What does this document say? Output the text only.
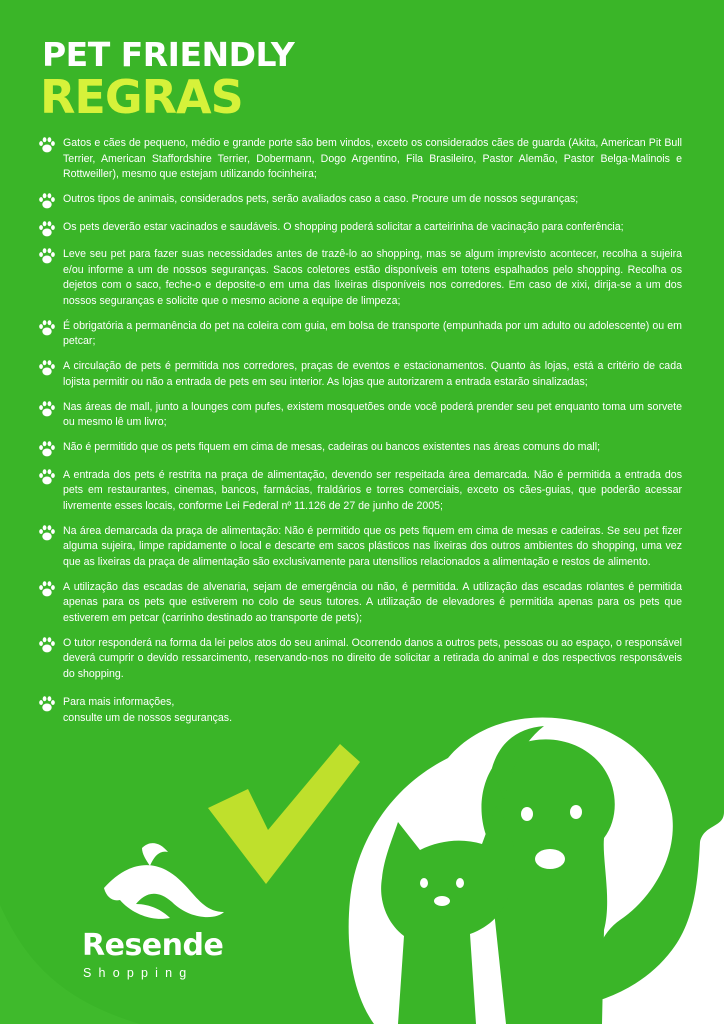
PET FRIENDLY
REGRAS
Gatos e cães de pequeno, médio e grande porte são bem vindos, exceto os considerados cães de guarda (Akita, American Pit Bull Terrier, American Staffordshire Terrier, Dobermann, Dogo Argentino, Fila Brasileiro, Pastor Alemão, Pastor Belga-Malinois e Rottweiller), mesmo que estejam utilizando focinheira;
Outros tipos de animais, considerados pets, serão avaliados caso a caso. Procure um de nossos seguranças;
Os pets deverão estar vacinados e saudáveis. O shopping poderá solicitar a carteirinha de vacinação para conferência;
Leve seu pet para fazer suas necessidades antes de trazê-lo ao shopping, mas se algum imprevisto acontecer, recolha a sujeira e/ou informe a um de nossos seguranças. Sacos coletores estão disponíveis em totens espalhados pelo shopping. Recolha os dejetos com o saco, feche-o e deposite-o em uma das lixeiras disponíveis nos corredores. Em caso de xixi, dirija-se a um dos nossos seguranças e solicite que o mesmo acione a equipe de limpeza;
É obrigatória a permanência do pet na coleira com guia, em bolsa de transporte (empunhada por um adulto ou adolescente) ou em petcar;
A circulação de pets é permitida nos corredores, praças de eventos e estacionamentos. Quanto às lojas, está a critério de cada lojista permitir ou não a entrada de pets em seu interior. As lojas que autorizarem a entrada estarão sinalizadas;
Nas áreas de mall, junto a lounges com pufes, existem mosquetões onde você poderá prender seu pet enquanto toma um sorvete ou mesmo lê um livro;
Não é permitido que os pets fiquem em cima de mesas, cadeiras ou bancos existentes nas áreas comuns do mall;
A entrada dos pets é restrita na praça de alimentação, devendo ser respeitada área demarcada. Não é permitida a entrada dos pets em restaurantes, cinemas, bancos, farmácias, fraldários e torres comerciais, exceto os cães-guias, que poderão acessar livremente esses locais, conforme Lei Federal nº 11.126 de 27 de junho de 2005;
Na área demarcada da praça de alimentação: Não é permitido que os pets fiquem em cima de mesas e cadeiras. Se seu pet fizer alguma sujeira, limpe rapidamente o local e descarte em sacos plásticos nas lixeiras dos outros ambientes do shopping, uma vez que as lixeiras da praça de alimentação são exclusivamente para utensílios relacionados a alimentação e restos de alimento.
A utilização das escadas de alvenaria, sejam de emergência ou não, é permitida. A utilização das escadas rolantes é permitida apenas para os pets que estiverem no colo de seus tutores. A utilização de elevadores é permitida apenas para os pets que estiverem em petcar (carrinho destinado ao transporte de pets);
O tutor responderá na forma da lei pelos atos do seu animal. Ocorrendo danos a outros pets, pessoas ou ao espaço, o responsável deverá cumprir o devido ressarcimento, reservando-nos no direito de solicitar a retirada do animal e dos respectivos responsáveis do shopping.
Para mais informações,
consulte um de nossos seguranças.
Resende
Shopping
